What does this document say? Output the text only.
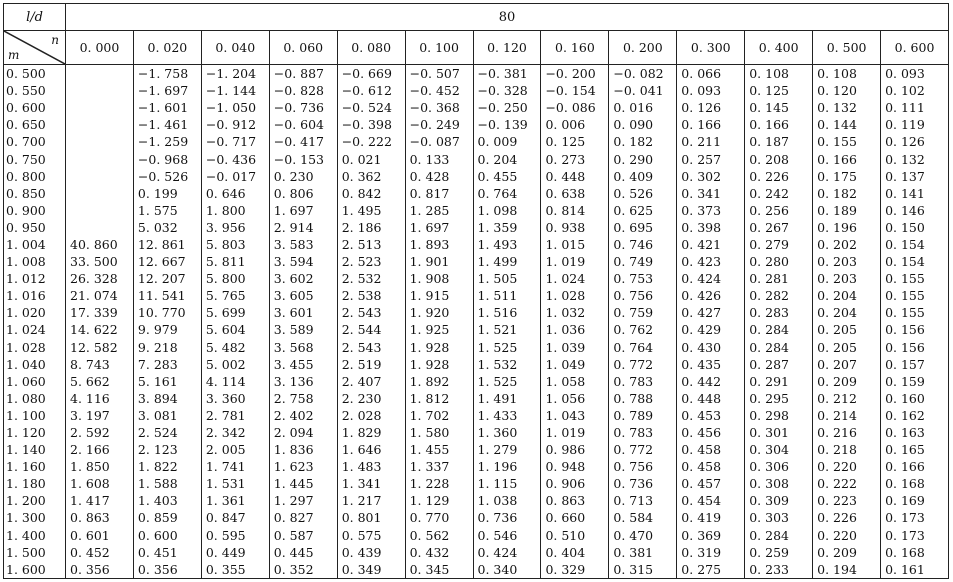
l/d	80												

n
m	0. 000	0. 020	0. 040	0. 060	0. 080	0. 100	0. 120	0. 160	0. 200	0. 300	0. 400	0. 500	0. 600
0. 500		−1. 758	−1. 204	−0. 887	−0. 669	−0. 507	−0. 381	−0. 200	−0. 082	0. 066	0. 108	0. 108	0. 093
0. 550		−1. 697	−1. 144	−0. 828	−0. 612	−0. 452	−0. 328	−0. 154	−0. 041	0. 093	0. 125	0. 120	0. 102
0. 600		−1. 601	−1. 050	−0. 736	−0. 524	−0. 368	−0. 250	−0. 086	0. 016	0. 126	0. 145	0. 132	0. 111
0. 650		−1. 461	−0. 912	−0. 604	−0. 398	−0. 249	−0. 139	0. 006	0. 090	0. 166	0. 166	0. 144	0. 119
0. 700		−1. 259	−0. 717	−0. 417	−0. 222	−0. 087	0. 009	0. 125	0. 182	0. 211	0. 187	0. 155	0. 126
0. 750		−0. 968	−0. 436	−0. 153	0. 021	0. 133	0. 204	0. 273	0. 290	0. 257	0. 208	0. 166	0. 132
0. 800		−0. 526	−0. 017	0. 230	0. 362	0. 428	0. 455	0. 448	0. 409	0. 302	0. 226	0. 175	0. 137
0. 850		0. 199	0. 646	0. 806	0. 842	0. 817	0. 764	0. 638	0. 526	0. 341	0. 242	0. 182	0. 141
0. 900		1. 575	1. 800	1. 697	1. 495	1. 285	1. 098	0. 814	0. 625	0. 373	0. 256	0. 189	0. 146
0. 950		5. 032	3. 956	2. 914	2. 186	1. 697	1. 359	0. 938	0. 695	0. 398	0. 267	0. 196	0. 150
1. 004	40. 860	12. 861	5. 803	3. 583	2. 513	1. 893	1. 493	1. 015	0. 746	0. 421	0. 279	0. 202	0. 154
1. 008	33. 500	12. 667	5. 811	3. 594	2. 523	1. 901	1. 499	1. 019	0. 749	0. 423	0. 280	0. 203	0. 154
1. 012	26. 328	12. 207	5. 800	3. 602	2. 532	1. 908	1. 505	1. 024	0. 753	0. 424	0. 281	0. 203	0. 155
1. 016	21. 074	11. 541	5. 765	3. 605	2. 538	1. 915	1. 511	1. 028	0. 756	0. 426	0. 282	0. 204	0. 155
1. 020	17. 339	10. 770	5. 699	3. 601	2. 543	1. 920	1. 516	1. 032	0. 759	0. 427	0. 283	0. 204	0. 155
1. 024	14. 622	9. 979	5. 604	3. 589	2. 544	1. 925	1. 521	1. 036	0. 762	0. 429	0. 284	0. 205	0. 156
1. 028	12. 582	9. 218	5. 482	3. 568	2. 543	1. 928	1. 525	1. 039	0. 764	0. 430	0. 284	0. 205	0. 156
1. 040	8. 743	7. 283	5. 002	3. 455	2. 519	1. 928	1. 532	1. 049	0. 772	0. 435	0. 287	0. 207	0. 157
1. 060	5. 662	5. 161	4. 114	3. 136	2. 407	1. 892	1. 525	1. 058	0. 783	0. 442	0. 291	0. 209	0. 159
1. 080	4. 116	3. 894	3. 360	2. 758	2. 230	1. 812	1. 491	1. 056	0. 788	0. 448	0. 295	0. 212	0. 160
1. 100	3. 197	3. 081	2. 781	2. 402	2. 028	1. 702	1. 433	1. 043	0. 789	0. 453	0. 298	0. 214	0. 162
1. 120	2. 592	2. 524	2. 342	2. 094	1. 829	1. 580	1. 360	1. 019	0. 783	0. 456	0. 301	0. 216	0. 163
1. 140	2. 166	2. 123	2. 005	1. 836	1. 646	1. 455	1. 279	0. 986	0. 772	0. 458	0. 304	0. 218	0. 165
1. 160	1. 850	1. 822	1. 741	1. 623	1. 483	1. 337	1. 196	0. 948	0. 756	0. 458	0. 306	0. 220	0. 166
1. 180	1. 608	1. 588	1. 531	1. 445	1. 341	1. 228	1. 115	0. 906	0. 736	0. 457	0. 308	0. 222	0. 168
1. 200	1. 417	1. 403	1. 361	1. 297	1. 217	1. 129	1. 038	0. 863	0. 713	0. 454	0. 309	0. 223	0. 169
1. 300	0. 863	0. 859	0. 847	0. 827	0. 801	0. 770	0. 736	0. 660	0. 584	0. 419	0. 303	0. 226	0. 173
1. 400	0. 601	0. 600	0. 595	0. 587	0. 575	0. 562	0. 546	0. 510	0. 470	0. 369	0. 284	0. 220	0. 173
1. 500	0. 452	0. 451	0. 449	0. 445	0. 439	0. 432	0. 424	0. 404	0. 381	0. 319	0. 259	0. 209	0. 168
1. 600	0. 356	0. 356	0. 355	0. 352	0. 349	0. 345	0. 340	0. 329	0. 315	0. 275	0. 233	0. 194	0. 161
